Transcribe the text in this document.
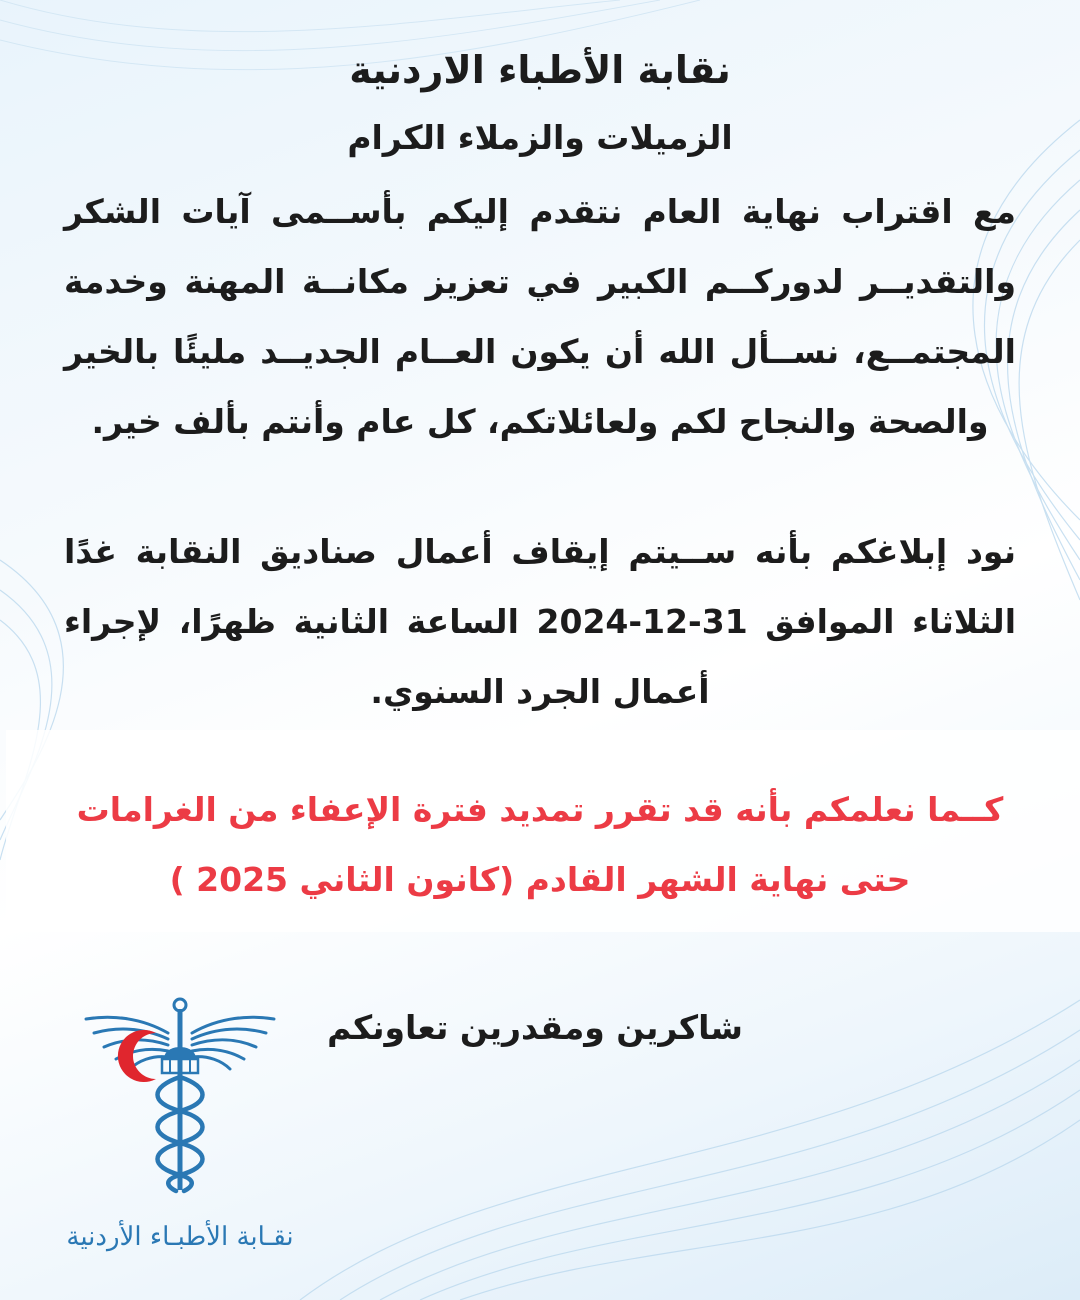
نقابة الأطباء الاردنية
الزميلات والزملاء الكرام
مع اقتراب نهاية العام نتقدم إليكم بأســمى آيات الشكر
والتقديــر لدوركــم الكبير في تعزيز مكانــة المهنة وخدمة
المجتمــع، نســأل الله أن يكون العــام الجديــد مليئًا بالخير
والصحة والنجاح لكم ولعائلاتكم، كل عام وأنتم بألف خير.
نود إبلاغكم بأنه ســيتم إيقاف أعمال صناديق النقابة غدًا
الثلاثاء الموافق 31-12-2024 الساعة الثانية ظهرًا، لإجراء
أعمال الجرد السنوي.
كــما نعلمكم بأنه قد تقرر تمديد فترة الإعفاء من الغرامات
حتى نهاية الشهر القادم (كانون الثاني 2025 )
شاكرين ومقدرين تعاونكم
نقـابة الأطبـاء الأردنية
